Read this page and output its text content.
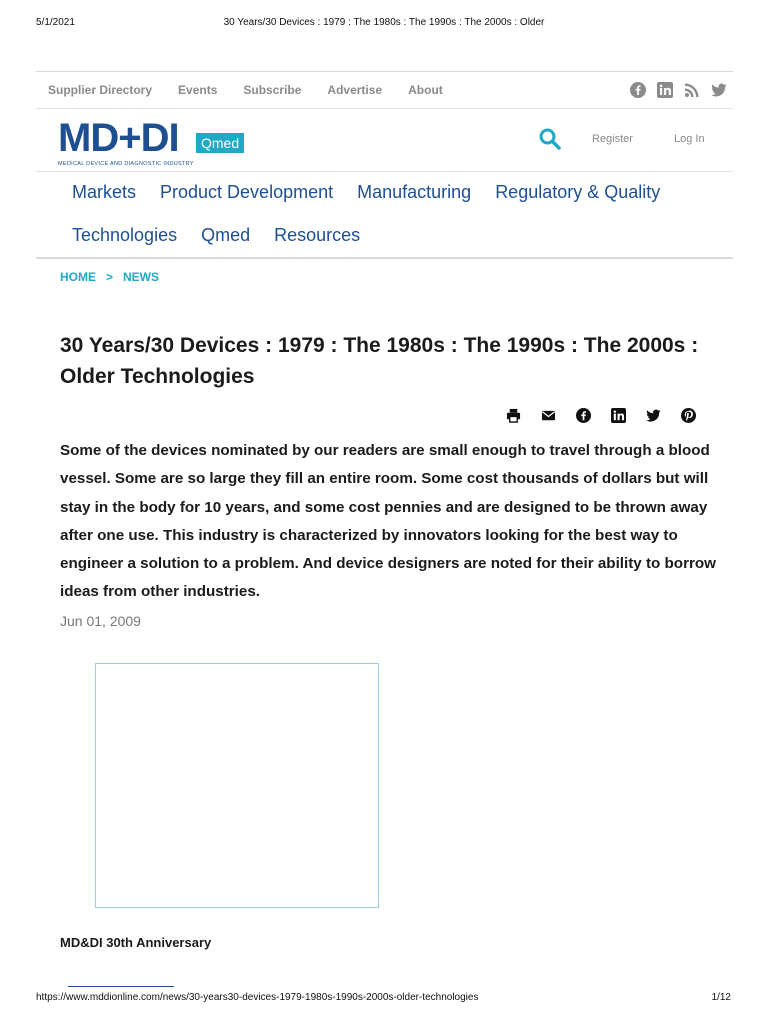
5/1/2021	30 Years/30 Devices : 1979 : The 1980s : The 1990s : The 2000s : Older
Supplier Directory Events Subscribe Advertise About
MD+DI	Qmed
MEDICAL DEVICE AND DIAGNOSTIC INDUSTRY
Register	Log In
Markets Product Development Manufacturing Regulatory & Quality
Technologies Qmed Resources
HOME > NEWS
30 Years/30 Devices : 1979 : The 1980s : The 1990s : The 2000s : Older Technologies

Some of the devices nominated by our readers are small enough to travel through a blood vessel. Some are so large they fill an entire room. Some cost thousands of dollars but will stay in the body for 10 years, and some cost pennies and are designed to be thrown away after one use. This industry is characterized by innovators looking for the best way to engineer a solution to a problem. And device designers are noted for their ability to borrow ideas from other industries.

Jun 01, 2009
MD&DI 30th Anniversary
https://www.mddionline.com/news/30-years30-devices-1979-1980s-1990s-2000s-older-technologies	1/12
